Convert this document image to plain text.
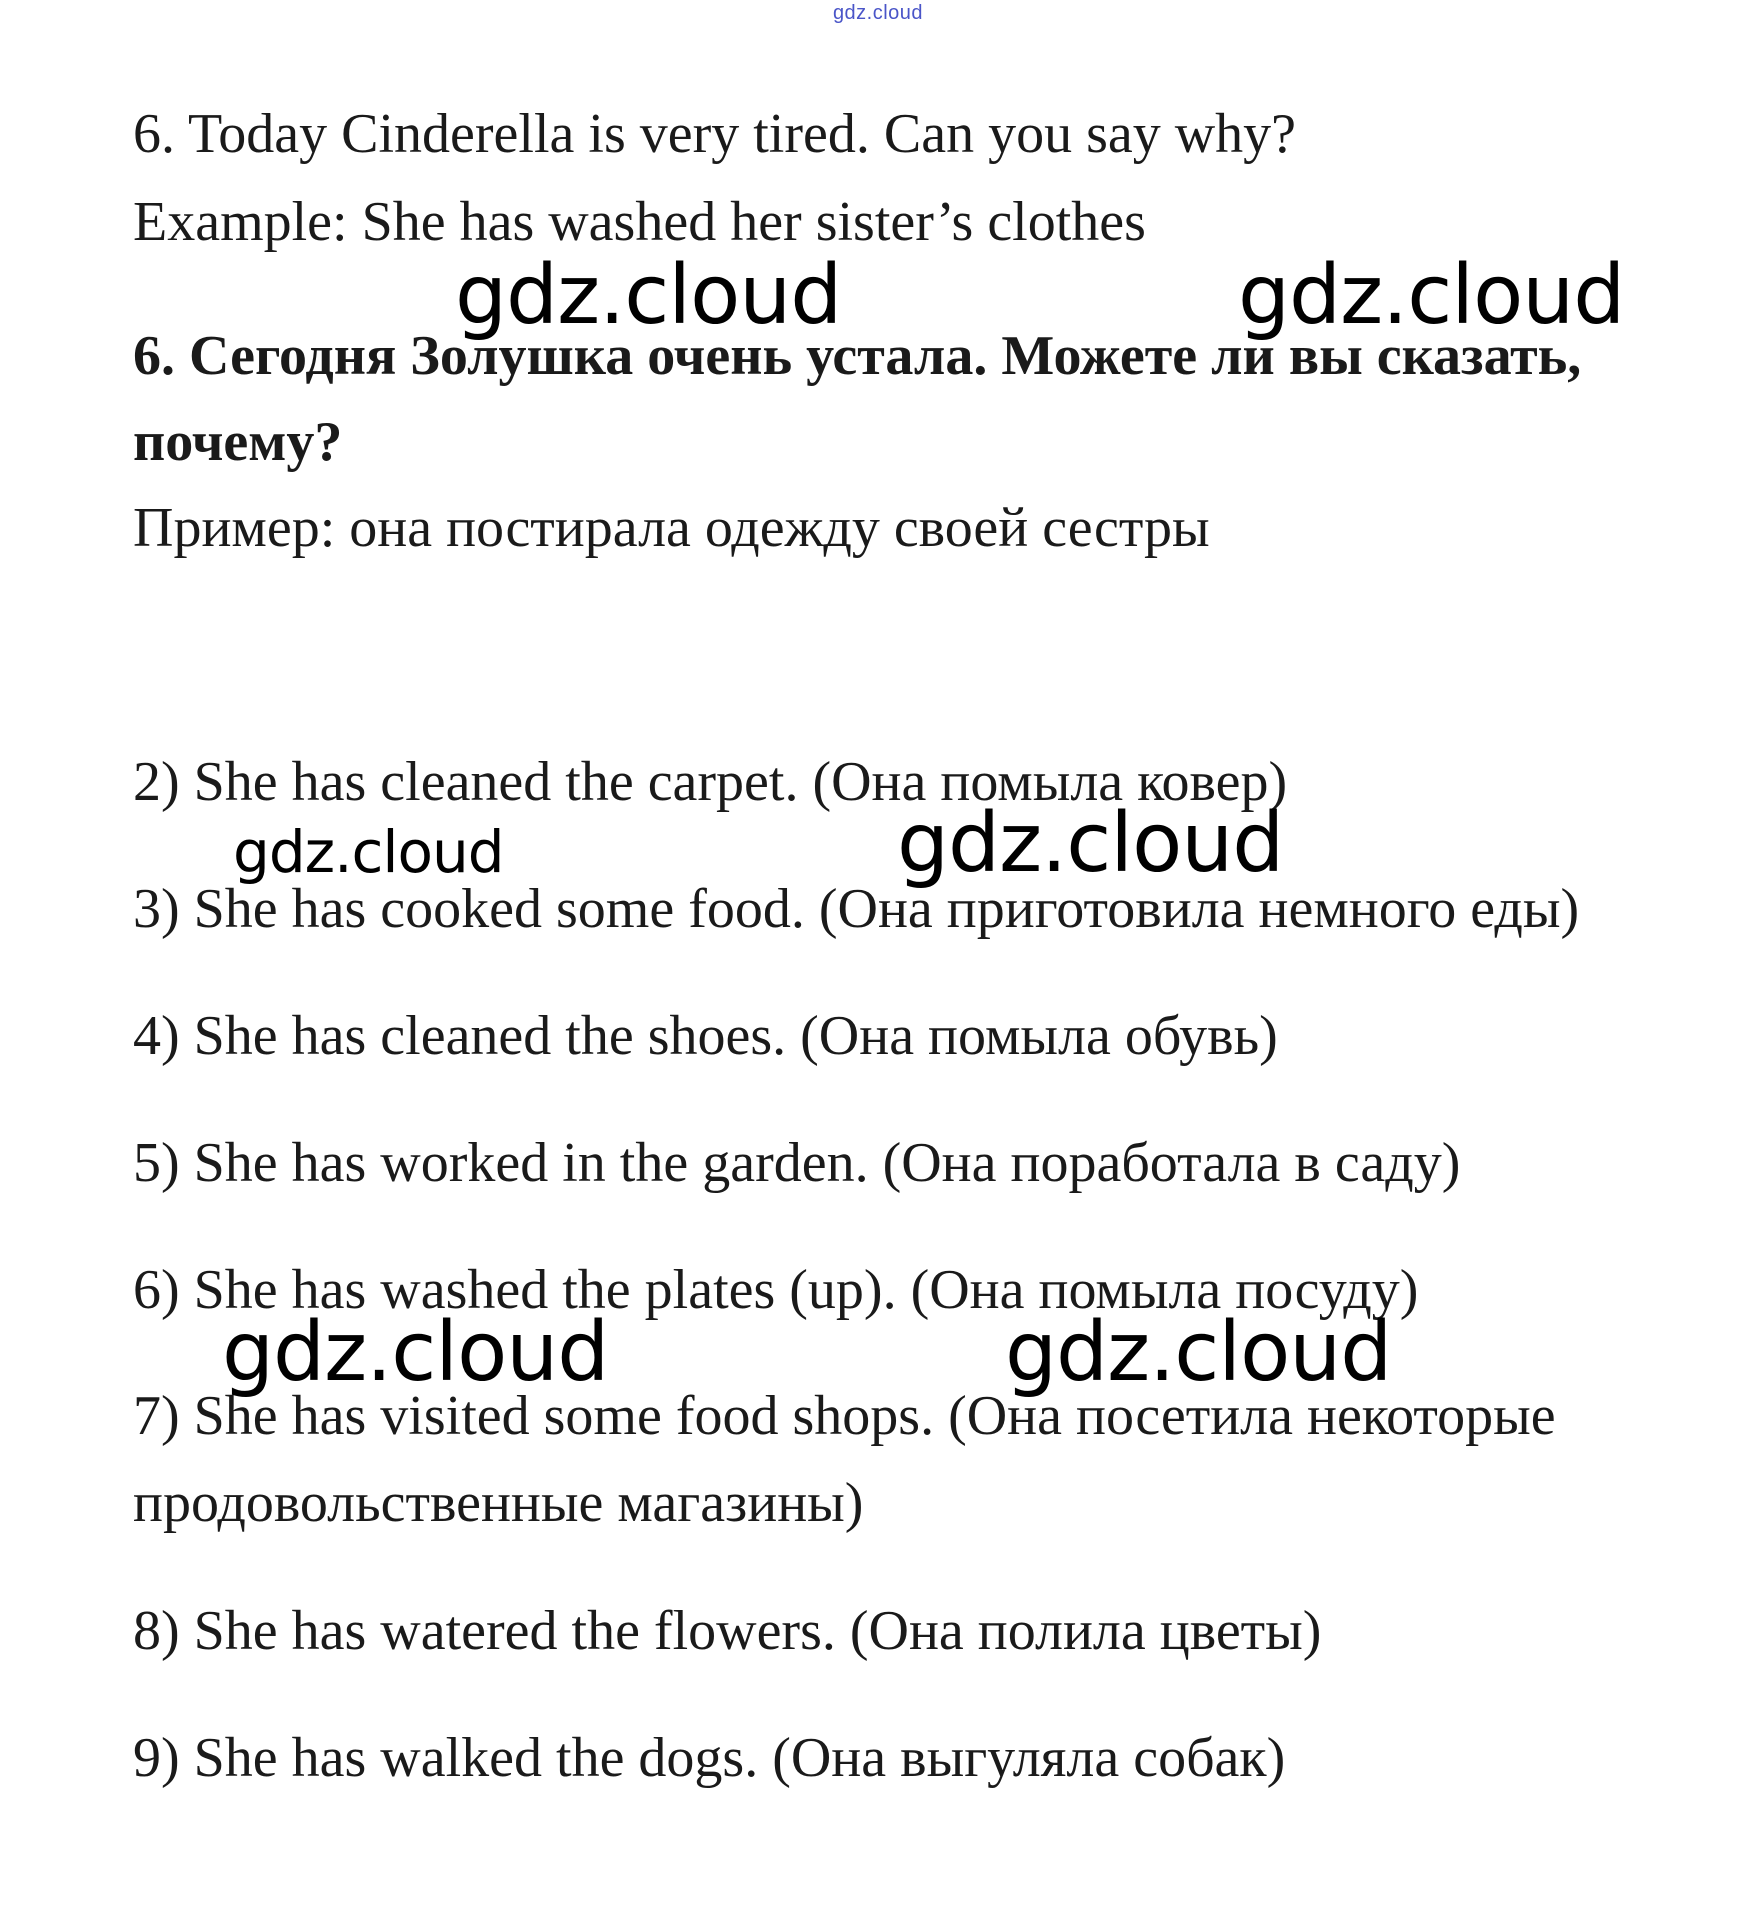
gdz.cloud
6. Today Cinderella is very tired. Can you say why?
Example: She has washed her sister’s clothes
6. Сегодня Золушка очень устала. Можете ли вы сказать,
почему?
Пример: она постирала одежду своей сестры
2) She has cleaned the carpet. (Она помыла ковер)
3) She has cooked some food. (Она приготовила немного еды)
4) She has cleaned the shoes. (Она помыла обувь)
5) She has worked in the garden. (Она поработала в саду)
6) She has washed the plates (up). (Она помыла посуду)
7) She has visited some food shops. (Она посетила некоторые
продовольственные магазины)
8) She has watered the flowers. (Она полила цветы)
9) She has walked the dogs. (Она выгуляла собак)
gdz.cloud	gdz.cloud
gdz.cloud	gdz.cloud
gdz.cloud	gdz.cloud
